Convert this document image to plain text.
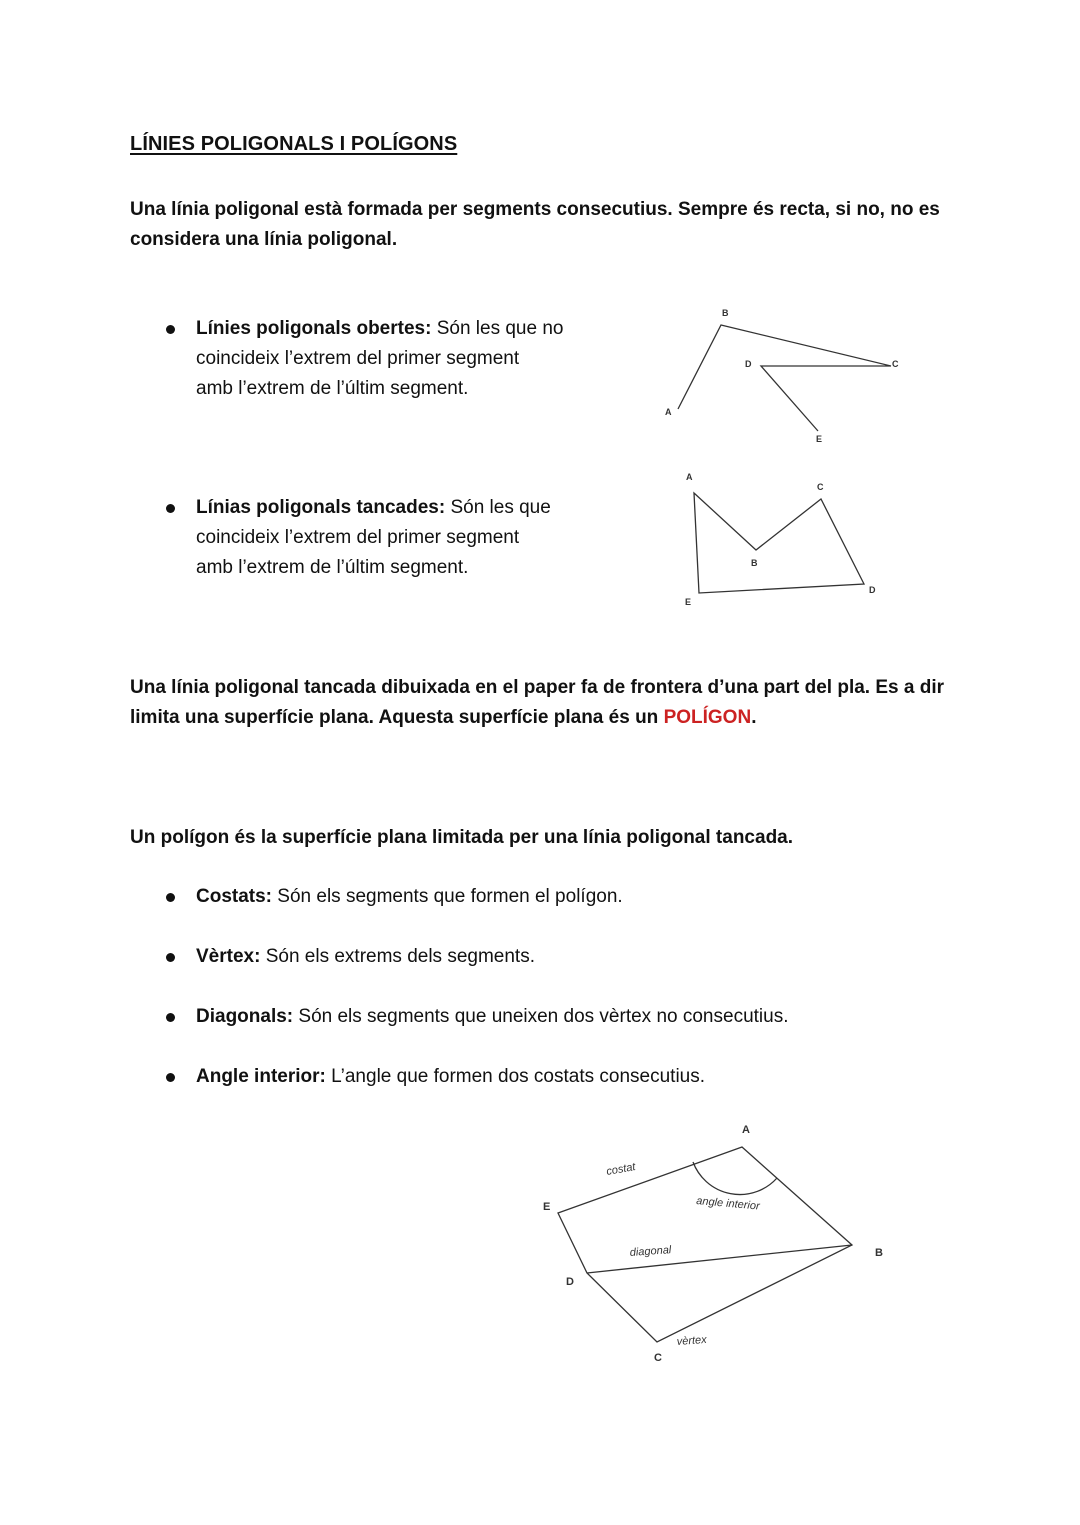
LÍNIES POLIGONALS I POLÍGONS
Una línia poligonal està formada per segments consecutius. Sempre és recta, si no, no es
considera una línia poligonal.
Línies poligonals obertes: Són les que no
coincideix l’extrem del primer segment
amb l’extrem de l’últim segment.
A
B
C
D
E
Línias poligonals tancades: Són les que
coincideix l’extrem del primer segment
amb l’extrem de l’últim segment.
A
B
C
D
E
Una línia poligonal tancada dibuixada en el paper fa de frontera d’una part del pla. Es a dir
limita una superfície plana. Aquesta superfície plana és un POLÍGON.
Un polígon és la superfície plana limitada per una línia poligonal tancada.
Costats: Són els segments que formen el polígon.
Vèrtex: Són els extrems dels segments.
Diagonals: Són els segments que uneixen dos vèrtex no consecutius.
Angle interior: L’angle que formen dos costats consecutius.
A
B
C
D
E
costat
angle interior
diagonal
vèrtex
